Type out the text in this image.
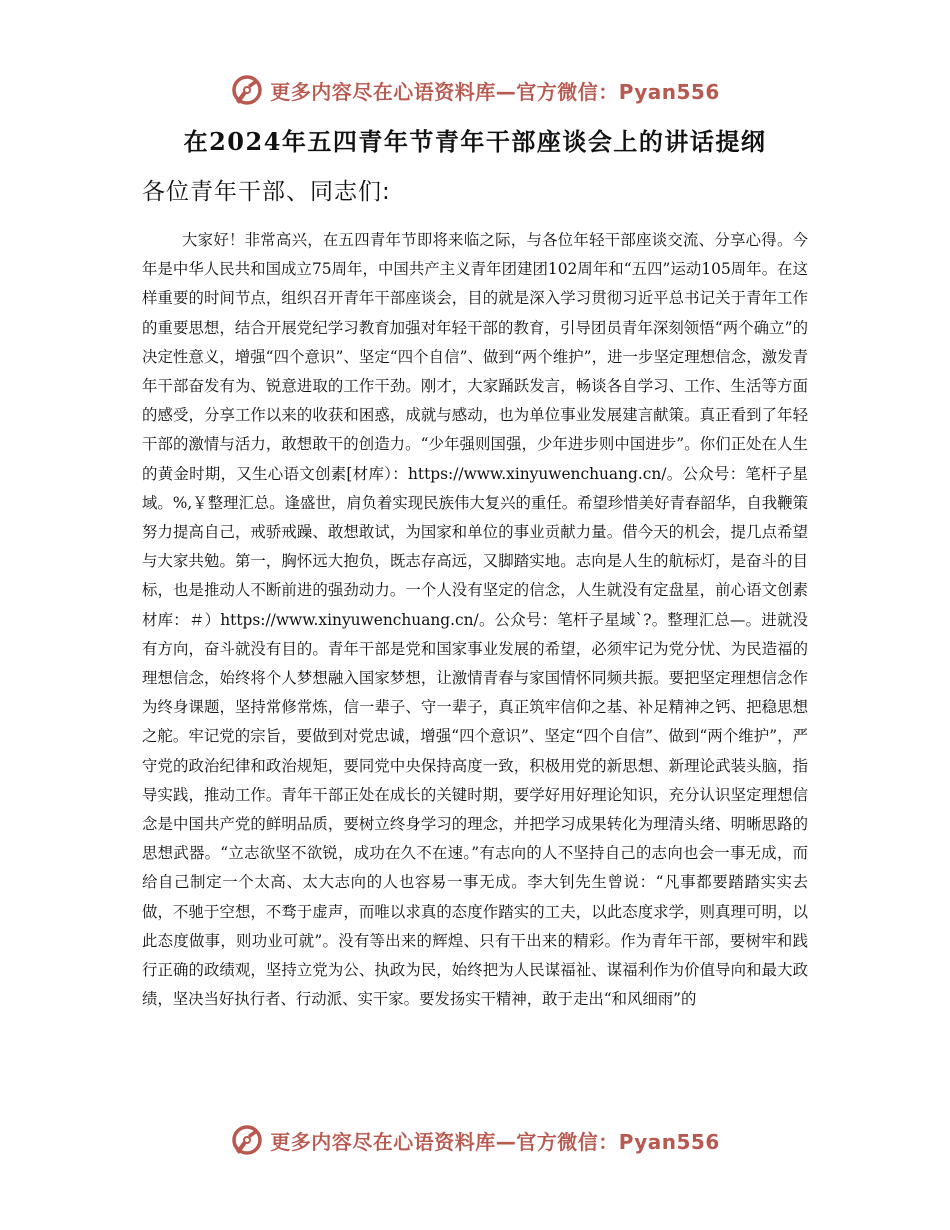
更多内容尽在心语资料库—官方微信：Pyan556
在2024年五四青年节青年干部座谈会上的讲话提纲

各位青年干部、同志们:

大家好！非常高兴，在五四青年节即将来临之际，与各位年轻干部座谈交流、分享心得。今年是中华人民共和国成立75周年，中国共产主义青年团建团102周年和“五四”运动105周年。在这样重要的时间节点，组织召开青年干部座谈会，目的就是深入学习贯彻习近平总书记关于青年工作的重要思想，结合开展党纪学习教育加强对年轻干部的教育，引导团员青年深刻领悟“两个确立”的决定性意义，增强“四个意识”、坚定“四个自信”、做到“两个维护”，进一步坚定理想信念，激发青年干部奋发有为、锐意进取的工作干劲。刚才，大家踊跃发言，畅谈各自学习、工作、生活等方面的感受，分享工作以来的收获和困惑，成就与感动，也为单位事业发展建言献策。真正看到了年轻干部的激情与活力，敢想敢干的创造力。“少年强则国强，少年进步则中国进步”。你们正处在人生的黄金时期，又生心语文创素[材库）：https://www.xinyuwenchuang.cn/。公众号：笔杆子星域。%,￥整理汇总。逢盛世，肩负着实现民族伟大复兴的重任。希望珍惜美好青春韶华，自我鞭策努力提高自己，戒骄戒躁、敢想敢试，为国家和单位的事业贡献力量。借今天的机会，提几点希望与大家共勉。第一，胸怀远大抱负，既志存高远，又脚踏实地。志向是人生的航标灯，是奋斗的目标，也是推动人不断前进的强劲动力。一个人没有坚定的信念，人生就没有定盘星，前心语文创素材库：＃）https://www.xinyuwenchuang.cn/。公众号：笔杆子星域`?。整理汇总—。进就没有方向，奋斗就没有目的。青年干部是党和国家事业发展的希望，必须牢记为党分忧、为民造福的理想信念，始终将个人梦想融入国家梦想，让激情青春与家国情怀同频共振。要把坚定理想信念作为终身课题，坚持常修常炼，信一辈子、守一辈子，真正筑牢信仰之基、补足精神之钙、把稳思想之舵。牢记党的宗旨，要做到对党忠诚，增强“四个意识”、坚定“四个自信”、做到“两个维护”，严守党的政治纪律和政治规矩，要同党中央保持高度一致，积极用党的新思想、新理论武装头脑，指导实践，推动工作。青年干部正处在成长的关键时期，要学好用好理论知识，充分认识坚定理想信念是中国共产党的鲜明品质，要树立终身学习的理念，并把学习成果转化为理清头绪、明晰思路的思想武器。“立志欲坚不欲锐，成功在久不在速。”有志向的人不坚持自己的志向也会一事无成，而给自己制定一个太高、太大志向的人也容易一事无成。李大钊先生曾说：“凡事都要踏踏实实去做，不驰于空想，不骛于虚声，而唯以求真的态度作踏实的工夫，以此态度求学，则真理可明，以此态度做事，则功业可就”。没有等出来的辉煌、只有干出来的精彩。作为青年干部，要树牢和践行正确的政绩观，坚持立党为公、执政为民，始终把为人民谋福祉、谋福利作为价值导向和最大政绩，坚决当好执行者、行动派、实干家。要发扬实干精神，敢于走出“和风细雨”的

更多内容尽在心语资料库—官方微信：Pyan556
